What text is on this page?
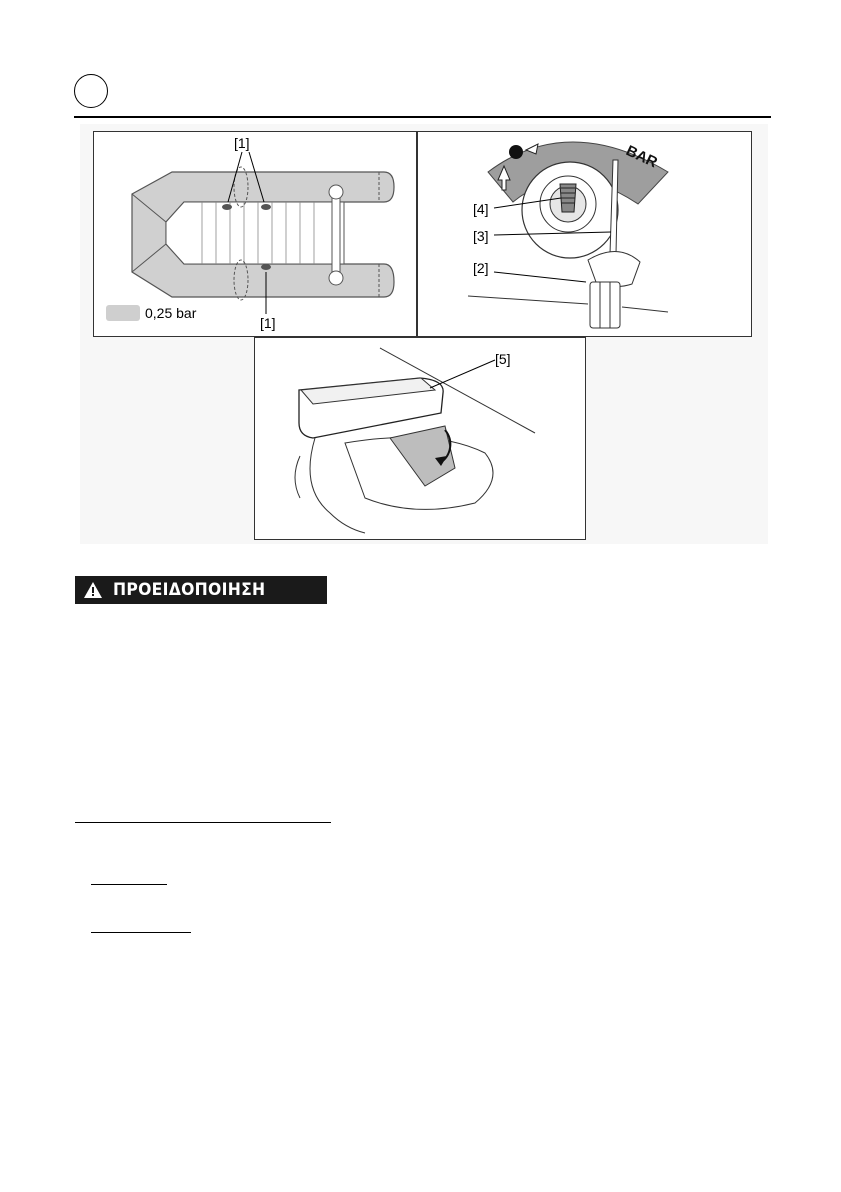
[1]
[1]
0,25 bar
BAR
[4]
[3]
[2]
[5]
ΠΡΟΕΙΔΟΠΟΙΗΣΗ
